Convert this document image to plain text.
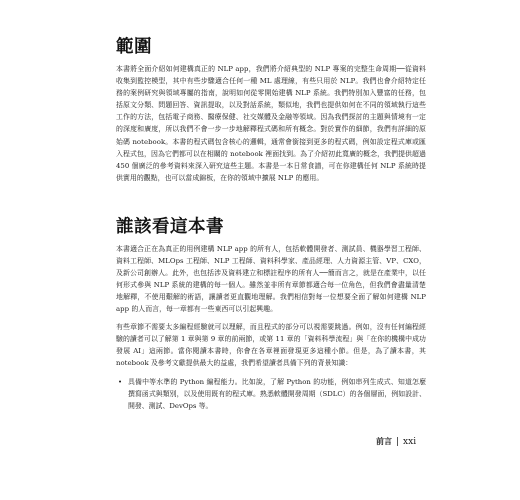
範圍

本書將全面介紹如何建構真正的 NLP app，我們將介紹典型的 NLP 專案的完整生命周期──從資料收集到監控模型，其中有些步驟適合任何一種 ML 處理線，有些只用於 NLP。我們也會介紹特定任務的案例研究與領域專屬的指南，說明如何從零開始建構 NLP 系統。我們特別加入豐富的任務，包括原文分類、問題回答、資訊提取，以及對話系統，類似地，我們也提供如何在不同的領域執行這些工作的方法，包括電子商務、醫療保健、社交媒體及金融等領域。因為我們探討的主題與情境有一定的深度和廣度，所以我們不會一步一步地解釋程式碼和所有概念。對於實作的細節，我們有詳細的原始碼 notebook。本書的程式碼包含核心的邏輯，通常會銜接到更多的程式碼，例如設定程式庫或匯入程式包，因為它們都可以在相關的 notebook 裡面找到。為了介紹初此寬廣的概念，我們提供超過 450 個廣泛的參考資料來深入研究這些主題。本書是一本日常食譜，可在你建構任何 NLP 系統時提供實用的觀點，也可以當成錦板，在你的領域中擴展 NLP 的應用。

誰該看這本書

本書適合正在為真正的用例建構 NLP app 的所有人，包括軟體開發者、測試員、機器學習工程師、資料工程師、MLOps 工程師、NLP 工程師、資料科學家、產品經理、人力資源主管、VP、CXO，及新公司創辦人。此外，也包括涉及資料建立和標註程序的所有人──簡而言之，就是在產業中，以任何形式參與 NLP 系統的建構的每一個人。雖然並非所有章節都適合每一位角色，但我們會盡量清楚地解釋，不使用艱解的術語，讓讀者更直觀地理解。我們相信對每一位想要全面了解如何建構 NLP app 的人而言，每一章都有一些東西可以引起興趣。

有些章節不需要太多編程經驗就可以理解，而且程式的部分可以視需要跳過。例如，沒有任何編程經驗的讀者可以了解第 1 章與第 9 章的前兩節，或第 11 章的「資料科學流程」與「在你的機構中成功發展 AI」這兩節。當你閱讀本書時，你會在各章裡面發現更多這種小節。但是，為了讀本書，其 notebook 及參考文獻提供最大的益處，我們希望讀者具備下列的背景知識：

• 具備中等水準的 Python 編程能力。比如說，了解 Python 的功能，例如串列生成式、知道怎麼撰寫函式與類別，以及使用既有的程式庫。熟悉軟體開發周期（SDLC）的各個層面，例如設計、開發、測試、DevOps 等。
前言 | xxi
